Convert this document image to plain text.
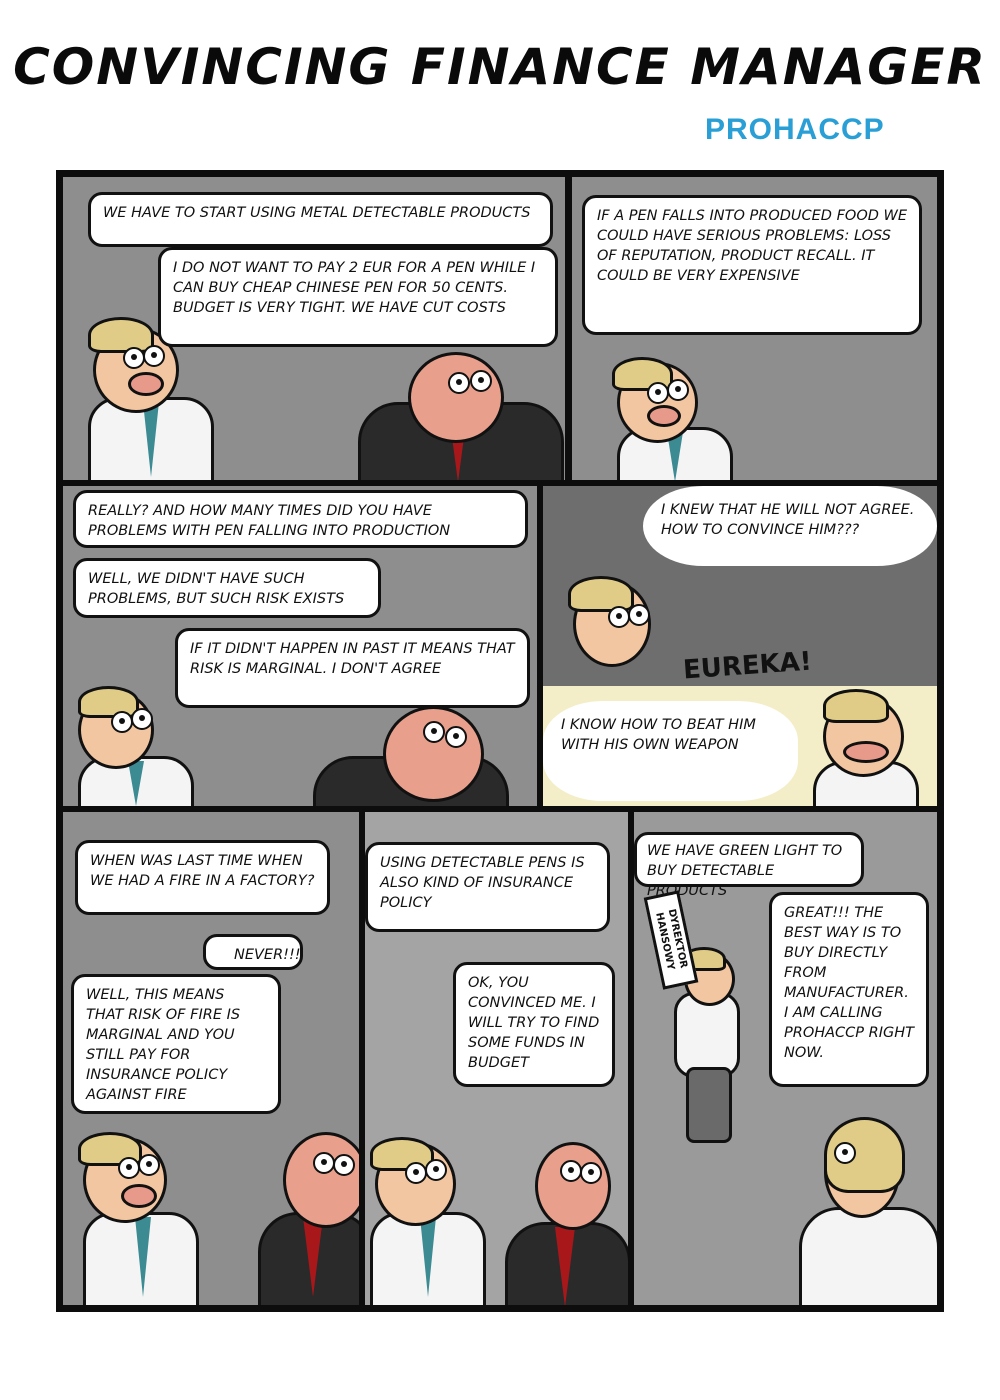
CONVINCING FINANCE MANAGER
PROHACCP
WE HAVE TO START USING METAL DETECTABLE PRODUCTS
I DO NOT WANT TO PAY 2 EUR FOR A PEN WHILE I CAN BUY CHEAP CHINESE PEN FOR 50 CENTS. BUDGET IS VERY TIGHT. WE HAVE CUT COSTS
IF A PEN FALLS INTO PRODUCED FOOD WE COULD HAVE SERIOUS PROBLEMS: LOSS OF REPUTATION, PRODUCT RECALL. IT COULD BE VERY EXPENSIVE
REALLY? AND HOW MANY TIMES DID YOU HAVE PROBLEMS WITH PEN FALLING INTO PRODUCTION
WELL, WE DIDN'T HAVE SUCH PROBLEMS, BUT SUCH RISK EXISTS
IF IT DIDN'T HAPPEN IN PAST IT MEANS THAT RISK IS MARGINAL. I DON'T AGREE
I KNEW THAT HE WILL NOT AGREE. HOW TO CONVINCE HIM???
EUREKA!
I KNOW HOW TO BEAT HIM WITH HIS OWN WEAPON
WHEN WAS LAST TIME WHEN WE HAD A FIRE IN A FACTORY?
NEVER!!!
WELL, THIS MEANS THAT RISK OF FIRE IS MARGINAL AND YOU STILL PAY FOR INSURANCE POLICY AGAINST FIRE
USING DETECTABLE PENS IS ALSO KIND OF INSURANCE POLICY
OK, YOU CONVINCED ME. I WILL TRY TO FIND SOME FUNDS IN BUDGET
WE HAVE GREEN LIGHT TO BUY DETECTABLE PRODUCTS
DYREKTOR HANSOWY	GREAT!!! THE BEST WAY IS TO BUY DIRECTLY FROM MANUFACTURER. I AM CALLING PROHACCP RIGHT NOW.
